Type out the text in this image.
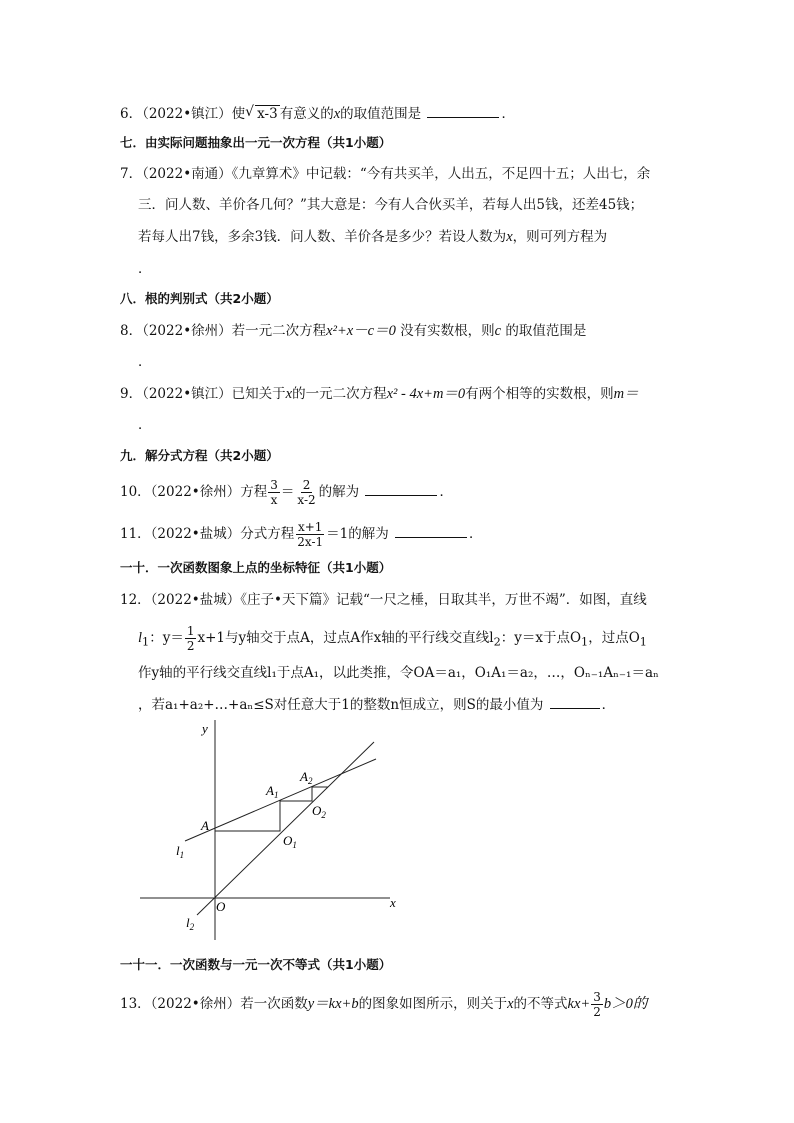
6．（2022•镇江）使 √ x-3 有意义的x的取值范围是	．
七．由实际问题抽象出一元一次方程（共1小题）
7．（2022•南通）《九章算术》中记载：“今有共买羊，人出五，不足四十五；人出七，余
三．问人数、羊价各几何？”其大意是：今有人合伙买羊，若每人出5钱，还差45钱；
若每人出7钱，多余3钱．问人数、羊价各是多少？若设人数为x，则可列方程为
．
八．根的判别式（共2小题）
8．（2022•徐州）若一元二次方程x²+x－c＝0 没有实数根，则c 的取值范围是
．
9．（2022•镇江）已知关于x的一元二次方程x² - 4x+m＝0有两个相等的实数根，则m＝
．
九．解分式方程（共2小题）
10．（2022•徐州）方程 $\frac{3}{x} = \frac{2}{x-2}$ 的解为	．
11．（2022•盐城）分式方程 $\frac{x+1}{2x-1} =1$的解为	．
一十．一次函数图象上点的坐标特征（共1小题）
12．（2022•盐城）《庄子•天下篇》记载“一尺之棰，日取其半，万世不竭”．如图，直线
$l_1$：$y= \frac{1}{2} x+1$与y轴交于点A，过点A作x轴的平行线交直线$l_2$：y＝x于点$O_1$，过点$O_1$
作y轴的平行线交直线l₁于点A₁，以此类推，令OA＝a₁，O₁A₁＝a₂，…，Oₙ₋₁Aₙ₋₁＝aₙ
，若a₁+a₂+…+aₙ≤S对任意大于1的整数n恒成立，则S的最小值为	．
y
x
O
A
$A_1$
$A_2$
$O_1$
$O_2$
$l_1$
$l_2$
一十一．一次函数与一元一次不等式（共1小题）
13．（2022•徐州）若一次函数y＝kx+b的图象如图所示，则关于x的不等式$kx+ \frac{3}{2} b>0$的
